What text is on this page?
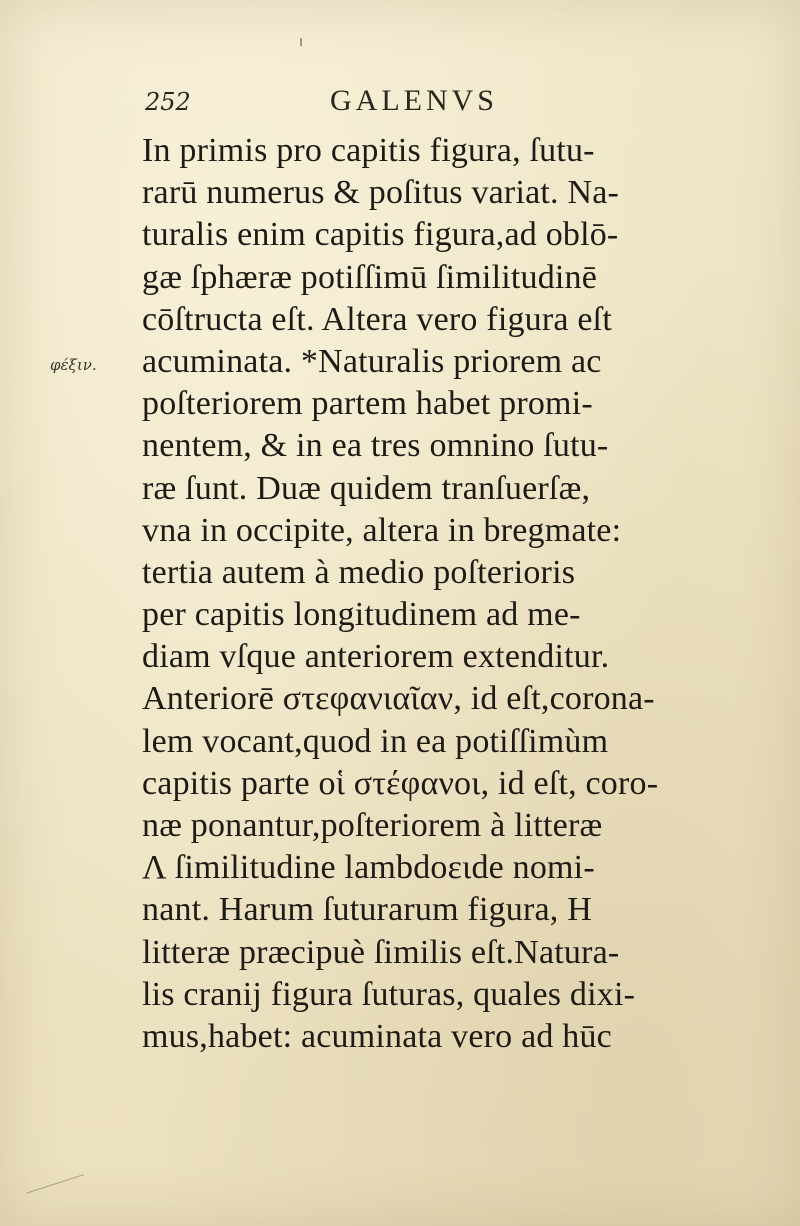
252	GALENVS
φέξιν.
In primis pro capitis figura, ſutu-
rarū numerus & poſitus variat. Na-
turalis enim capitis figura,ad oblō-
gæ ſphæræ potiſſimū ſimilitudinē
cōſtructa eſt. Altera vero figura eſt
acuminata. *Naturalis priorem ac
poſteriorem partem habet promi-
nentem, & in ea tres omnino ſutu-
ræ ſunt. Duæ quidem tranſuerſæ,
vna in occipite, altera in bregmate:
tertia autem à medio poſterioris
per capitis longitudinem ad me-
diam vſque anteriorem extenditur.
Anteriorē στεφανιαῖαν, id eſt,corona-
lem vocant,quod in ea potiſſimùm
capitis parte οἱ στέφανοι, id eſt, coro-
næ ponantur,poſteriorem à litteræ
Λ ſimilitudine lambdoειde nomi-
nant. Harum ſuturarum figura, H
litteræ præcipuè ſimilis eſt.Natura-
lis cranij figura ſuturas, quales dixi-
mus,habet: acuminata vero ad hūc
